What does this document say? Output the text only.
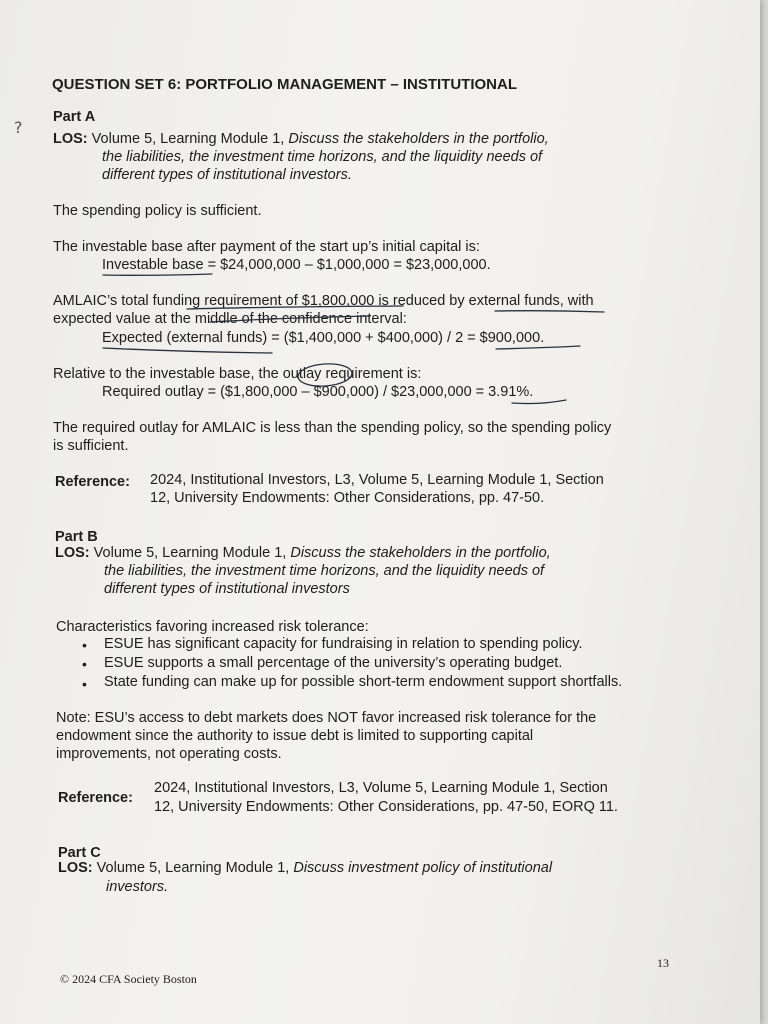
QUESTION SET 6: PORTFOLIO MANAGEMENT – INSTITUTIONAL
?
Part A
LOS: Volume 5, Learning Module 1, Discuss the stakeholders in the portfolio,
the liabilities, the investment time horizons, and the liquidity needs of
different types of institutional investors.
The spending policy is sufficient.
The investable base after payment of the start up’s initial capital is:
Investable base = $24,000,000 – $1,000,000 = $23,000,000.
AMLAIC’s total funding requirement of $1,800,000 is reduced by external funds, with
expected value at the middle of the confidence interval:
Expected (external funds) = ($1,400,000 + $400,000) / 2 = $900,000.
Relative to the investable base, the outlay requirement is:
Required outlay = ($1,800,000 – $900,000) / $23,000,000 = 3.91%.
The required outlay for AMLAIC is less than the spending policy, so the spending policy
is sufficient.
Reference: 2024, Institutional Investors, L3, Volume 5, Learning Module 1, Section
12, University Endowments: Other Considerations, pp. 47-50.
Part B
LOS: Volume 5, Learning Module 1, Discuss the stakeholders in the portfolio,
the liabilities, the investment time horizons, and the liquidity needs of
different types of institutional investors
Characteristics favoring increased risk tolerance:
• ESUE has significant capacity for fundraising in relation to spending policy.
• ESUE supports a small percentage of the university’s operating budget.
• State funding can make up for possible short-term endowment support shortfalls.
Note: ESU’s access to debt markets does NOT favor increased risk tolerance for the
endowment since the authority to issue debt is limited to supporting capital
improvements, not operating costs.
Reference:
2024, Institutional Investors, L3, Volume 5, Learning Module 1, Section
12, University Endowments: Other Considerations, pp. 47-50, EORQ 11.
Part C
LOS: Volume 5, Learning Module 1, Discuss investment policy of institutional
investors.
13
© 2024 CFA Society Boston
